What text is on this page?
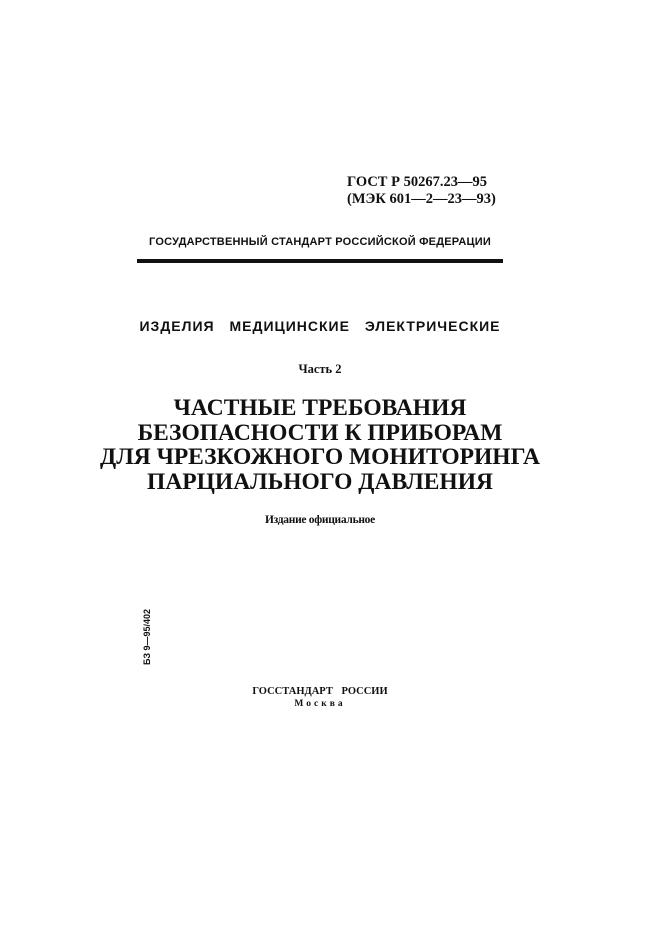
ГОСТ Р 50267.23—95
(МЭК 601—2—23—93)
ГОСУДАРСТВЕННЫЙ СТАНДАРТ РОССИЙСКОЙ ФЕДЕРАЦИИ
ИЗДЕЛИЯ МЕДИЦИНСКИЕ ЭЛЕКТРИЧЕСКИЕ
Часть 2
ЧАСТНЫЕ ТРЕБОВАНИЯ
БЕЗОПАСНОСТИ К ПРИБОРАМ
ДЛЯ ЧРЕЗКОЖНОГО МОНИТОРИНГА
ПАРЦИАЛЬНОГО ДАВЛЕНИЯ
Издание официальное
БЗ 9—95/402
ГОССТАНДАРТ РОССИИ
Москва
